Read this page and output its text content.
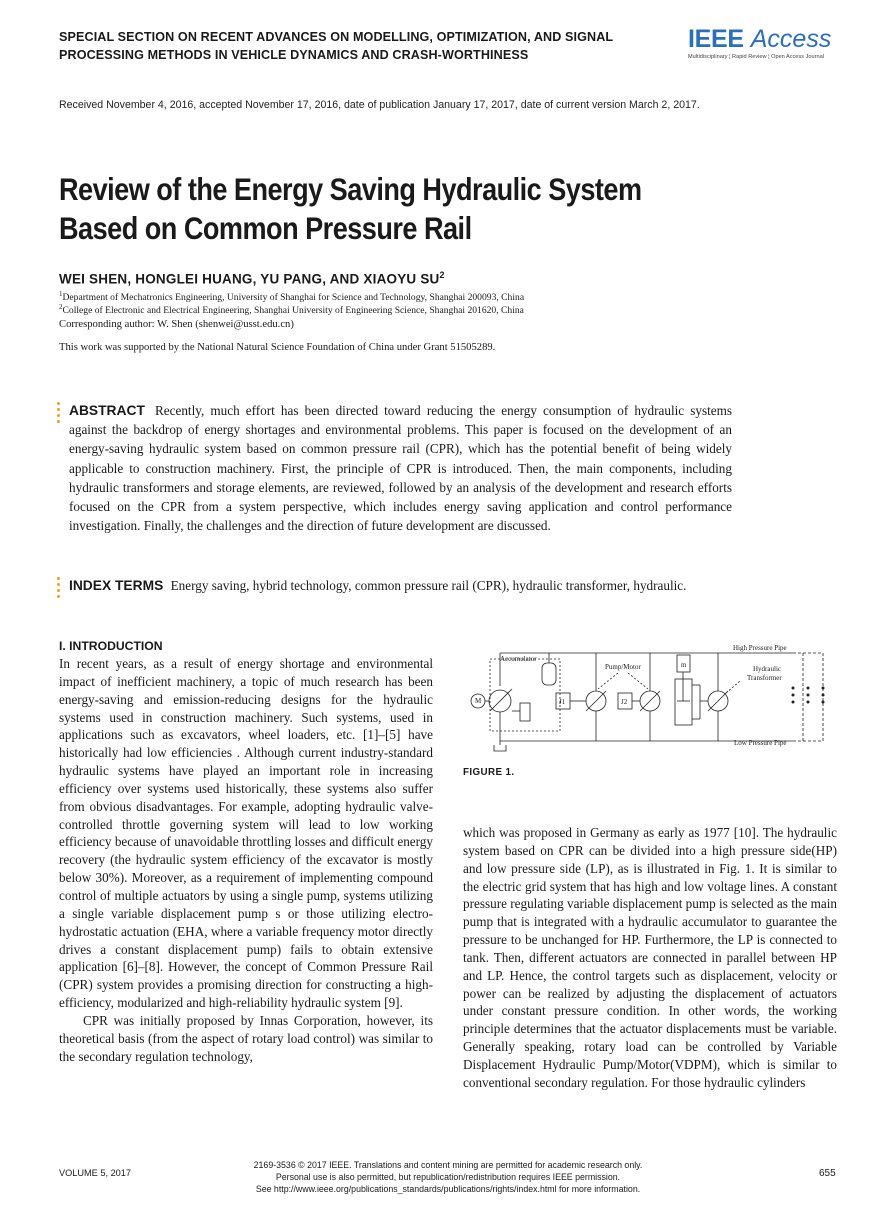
SPECIAL SECTION ON RECENT ADVANCES ON MODELLING, OPTIMIZATION, AND SIGNAL
PROCESSING METHODS IN VEHICLE DYNAMICS AND CRASH-WORTHINESS
IEEE Access
Multidisciplinary ¦ Rapid Review ¦ Open Access Journal
Received November 4, 2016, accepted November 17, 2016, date of publication January 17, 2017, date of current version March 2, 2017.
Review of the Energy Saving Hydraulic System
Based on Common Pressure Rail
WEI SHEN, HONGLEI HUANG, YU PANG, AND XIAOYU $SU^2$
$^1$Department of Mechatronics Engineering, University of Shanghai for Science and Technology, Shanghai 200093, China
$^2$College of Electronic and Electrical Engineering, Shanghai University of Engineering Science, Shanghai 201620, China
Corresponding author: W. Shen (shenwei@usst.edu.cn)
This work was supported by the National Natural Science Foundation of China under Grant 51505289.
ABSTRACT Recently, much effort has been directed toward reducing the energy consumption of hydraulic systems against the backdrop of energy shortages and environmental problems. This paper is focused on the development of an energy-saving hydraulic system based on common pressure rail (CPR), which has the potential benefit of being widely applicable to construction machinery. First, the principle of CPR is introduced. Then, the main components, including hydraulic transformers and storage elements, are reviewed, followed by an analysis of the development and research efforts focused on the CPR from a system perspective, which includes energy saving application and control performance investigation. Finally, the challenges and the direction of future development are discussed.
INDEX TERMS Energy saving, hybrid technology, common pressure rail (CPR), hydraulic transformer, hydraulic.
I. INTRODUCTION

In recent years, as a result of energy shortage and environmental impact of inefficient machinery, a topic of much research has been energy-saving and emission-reducing designs for the hydraulic systems used in construction machinery. Such systems, used in applications such as excavators, wheel loaders, etc. [1]–[5] have historically had low efficiencies . Although current industry-standard hydraulic systems have played an important role in increasing efficiency over systems used historically, these systems also suffer from obvious disadvantages. For example, adopting hydraulic valve-controlled throttle governing system will lead to low working efficiency because of unavoidable throttling losses and difficult energy recovery (the hydraulic system efficiency of the excavator is mostly below 30%). Moreover, as a requirement of implementing compound control of multiple actuators by using a single pump, systems utilizing a single variable displacement pump s or those utilizing electro-hydrostatic actuation (EHA, where a variable frequency motor directly drives a constant displacement pump) fails to obtain extensive application [6]–[8]. However, the concept of Common Pressure Rail (CPR) system provides a promising direction for constructing a high-efficiency, modularized and high-reliability hydraulic system [9].

CPR was initially proposed by Innas Corporation, however, its theoretical basis (from the aspect of rotary load control) was similar to the secondary regulation technology,

High Pressure Pipe
Low Pressure Pipe
Accumulator
Pump/Motor	Hydraulic
Transformer
M
m
J1	J2
FIGURE 1.

which was proposed in Germany as early as 1977 [10]. The hydraulic system based on CPR can be divided into a high pressure side(HP) and low pressure side (LP), as is illustrated in Fig. 1. It is similar to the electric grid system that has high and low voltage lines. A constant pressure regulating variable displacement pump is selected as the main pump that is integrated with a hydraulic accumulator to guarantee the pressure to be unchanged for HP. Furthermore, the LP is connected to tank. Then, different actuators are connected in parallel between HP and LP. Hence, the control targets such as displacement, velocity or power can be realized by adjusting the displacement of actuators under constant pressure condition. In other words, the working principle determines that the actuator displacements must be variable. Generally speaking, rotary load can be controlled by Variable Displacement Hydraulic Pump/Motor(VDPM), which is similar to conventional secondary regulation. For those hydraulic cylinders

VOLUME 5, 2017
2169-3536 © 2017 IEEE. Translations and content mining are permitted for academic research only.
Personal use is also permitted, but republication/redistribution requires IEEE permission.
See http://www.ieee.org/publications_standards/publications/rights/index.html for more information.
655
